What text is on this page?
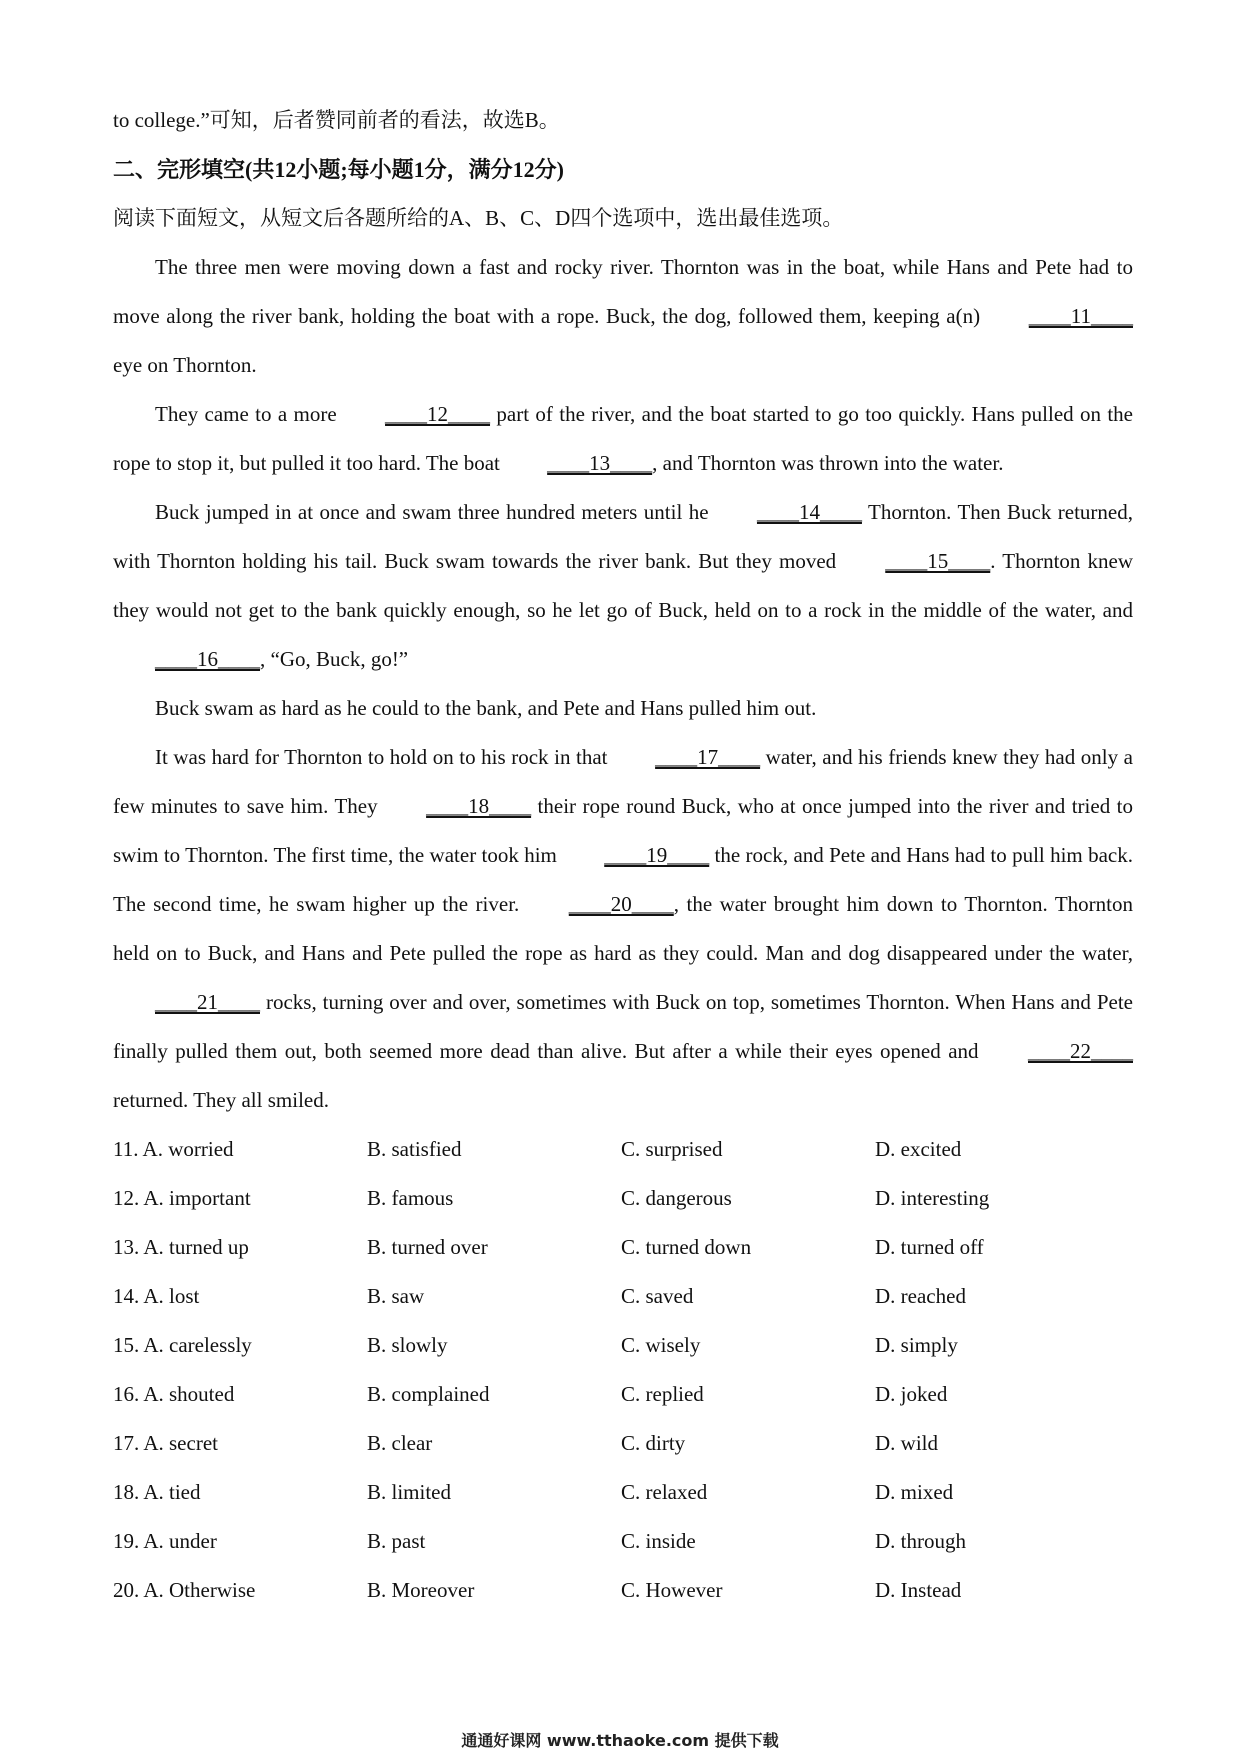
to college.”可知，后者赞同前者的看法，故选B。
二、完形填空(共12小题;每小题1分，满分12分)
阅读下面短文，从短文后各题所给的A、B、C、D四个选项中，选出最佳选项。
The three men were moving down a fast and rocky river. Thornton was in the boat, while Hans and Pete had to move along the river bank, holding the boat with a rope. Buck, the dog, followed them, keeping a(n) ____11____ eye on Thornton.
They came to a more ____12____ part of the river, and the boat started to go too quickly. Hans pulled on the rope to stop it, but pulled it too hard. The boat ____13____, and Thornton was thrown into the water.
Buck jumped in at once and swam three hundred meters until he ____14____ Thornton. Then Buck returned, with Thornton holding his tail. Buck swam towards the river bank. But they moved ____15____. Thornton knew they would not get to the bank quickly enough, so he let go of Buck, held on to a rock in the middle of the water, and ____16____, “Go, Buck, go!”
Buck swam as hard as he could to the bank, and Pete and Hans pulled him out.
It was hard for Thornton to hold on to his rock in that ____17____ water, and his friends knew they had only a few minutes to save him. They ____18____ their rope round Buck, who at once jumped into the river and tried to swim to Thornton. The first time, the water took him ____19____ the rock, and Pete and Hans had to pull him back. The second time, he swam higher up the river. ____20____, the water brought him down to Thornton. Thornton held on to Buck, and Hans and Pete pulled the rope as hard as they could. Man and dog disappeared under the water, ____21____ rocks, turning over and over, sometimes with Buck on top, sometimes Thornton. When Hans and Pete finally pulled them out, both seemed more dead than alive. But after a while their eyes opened and ____22____ returned. They all smiled.
11. A. worried	B. satisfied	C. surprised	D. excited
12. A. important	B. famous	C. dangerous	D. interesting
13. A. turned up	B. turned over	C. turned down	D. turned off
14. A. lost	B. saw	C. saved	D. reached
15. A. carelessly	B. slowly	C. wisely	D. simply
16. A. shouted	B. complained	C. replied	D. joked
17. A. secret	B. clear	C. dirty	D. wild
18. A. tied	B. limited	C. relaxed	D. mixed
19. A. under	B. past	C. inside	D. through
20. A. Otherwise	B. Moreover	C. However	D. Instead
通通好课网 www.tthaoke.com 提供下载
